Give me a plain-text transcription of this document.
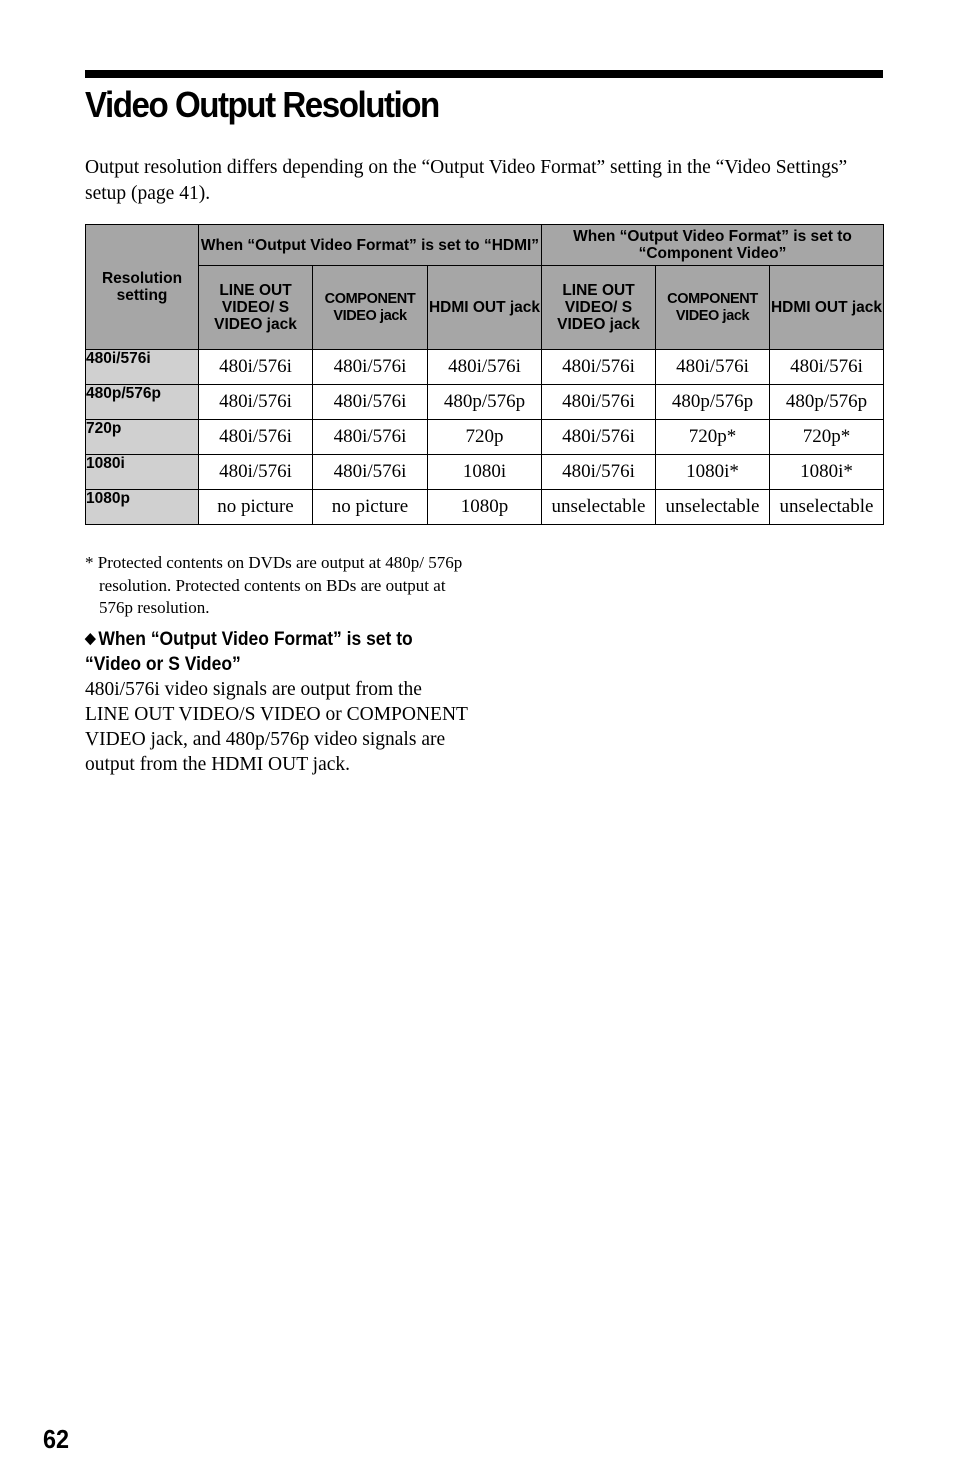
Video Output Resolution

Output resolution differs depending on the “Output Video Format” setting in the “Video Settings” setup (page 41).

Resolution setting	When “Output Video Format” is set to “HDMI”			When “Output Video Format” is set to “Component Video”		
	LINE OUT VIDEO/ S VIDEO jack	COMPONENT VIDEO jack	HDMI OUT jack	LINE OUT VIDEO/ S VIDEO jack	COMPONENT VIDEO jack	HDMI OUT jack
480i/576i	480i/576i	480i/576i	480i/576i	480i/576i	480i/576i	480i/576i
480p/576p	480i/576i	480i/576i	480p/576p	480i/576i	480p/576p	480p/576p
720p	480i/576i	480i/576i	720p	480i/576i	720p*	720p*
1080i	480i/576i	480i/576i	1080i	480i/576i	1080i*	1080i*
1080p	no picture	no picture	1080p	unselectable	unselectable	unselectable

* Protected contents on DVDs are output at 480p/ 576p resolution. Protected contents on BDs are output at 576p resolution.

◆ When “Output Video Format” is set to “Video or S Video”

480i/576i video signals are output from the LINE OUT VIDEO/S VIDEO or COMPONENT VIDEO jack, and 480p/576p video signals are output from the HDMI OUT jack.

62
